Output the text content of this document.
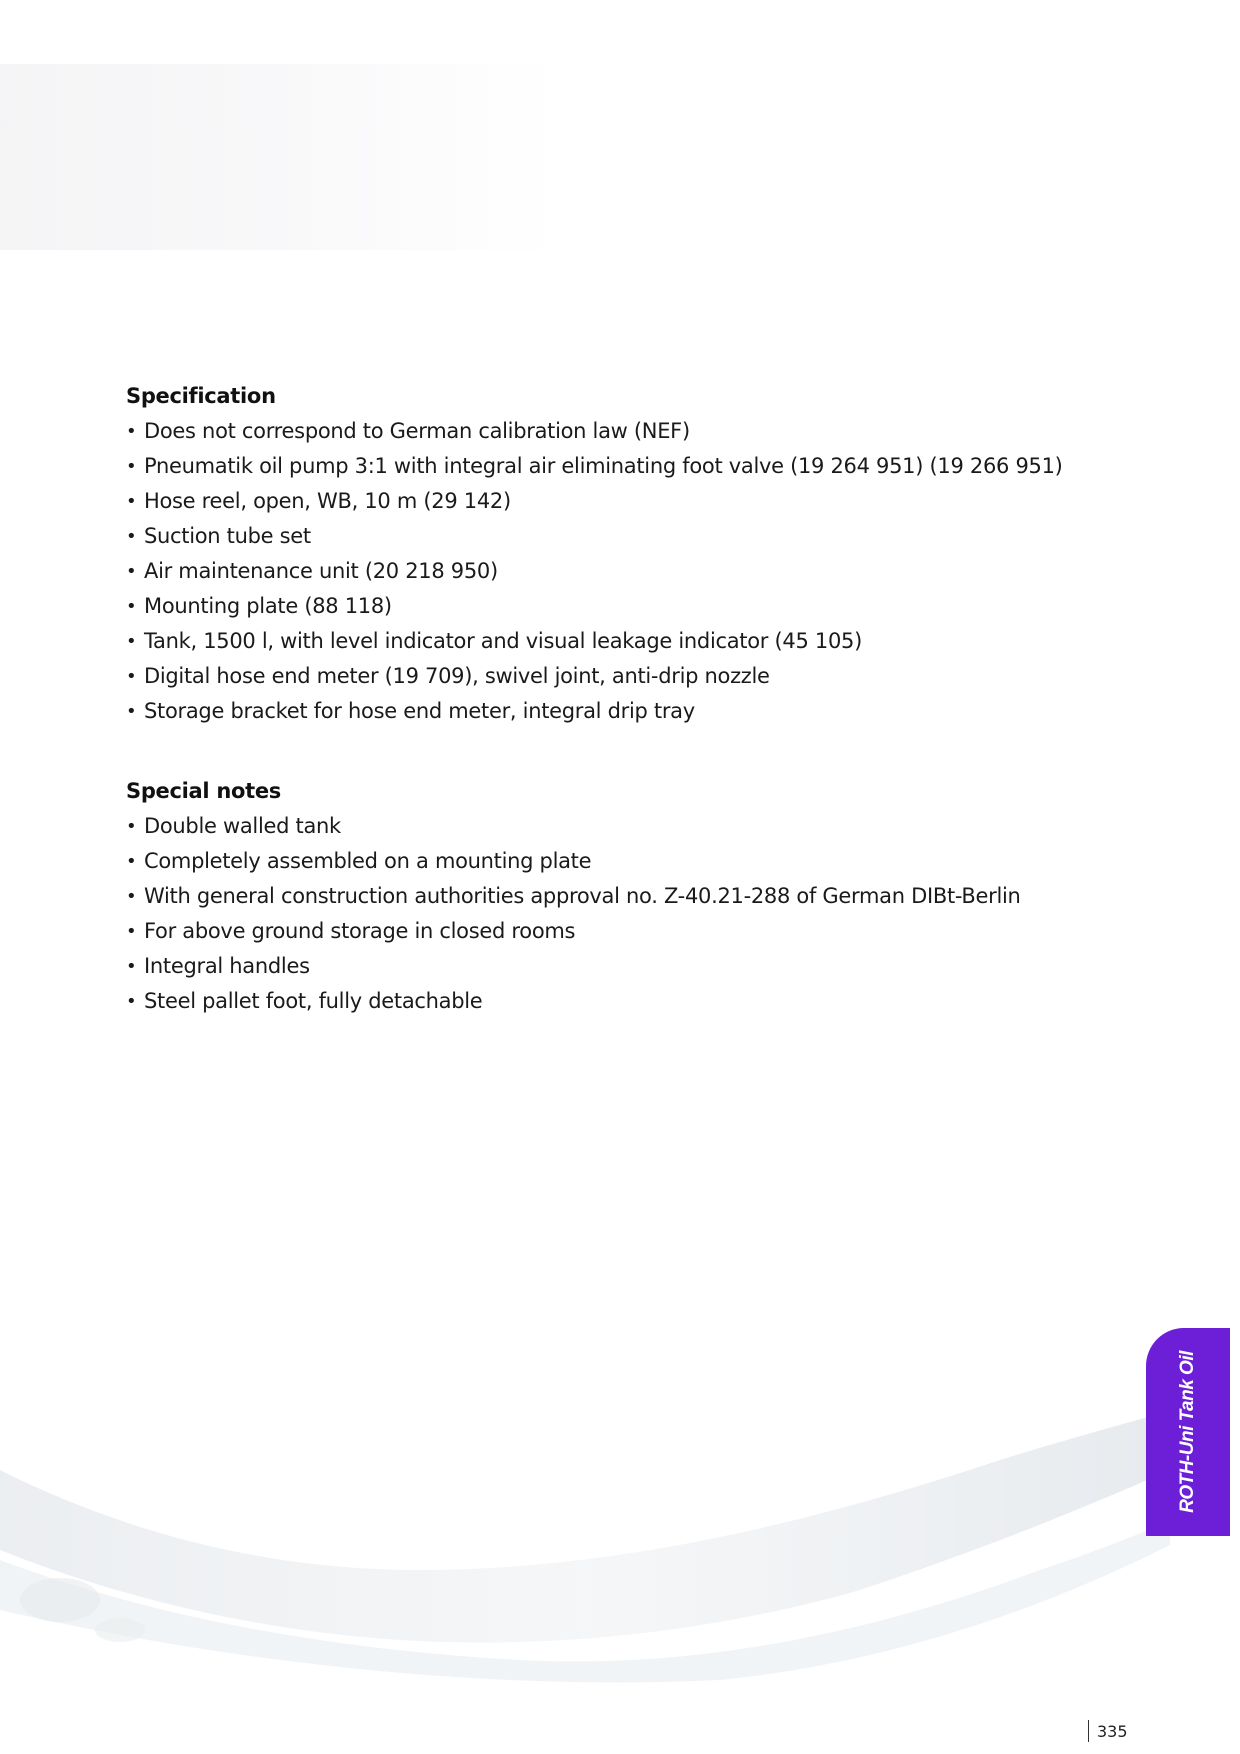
Specification
• Does not correspond to German calibration law (NEF)
• Pneumatik oil pump 3:1 with integral air eliminating foot valve (19 264 951) (19 266 951)
• Hose reel, open, WB, 10 m (29 142)
• Suction tube set
• Air maintenance unit (20 218 950)
• Mounting plate (88 118)
• Tank, 1500 l, with level indicator and visual leakage indicator (45 105)
• Digital hose end meter (19 709), swivel joint, anti-drip nozzle
• Storage bracket for hose end meter, integral drip tray
Special notes
• Double walled tank
• Completely assembled on a mounting plate
• With general construction authorities approval no. Z-40.21-288 of German DIBt-Berlin
• For above ground storage in closed rooms
• Integral handles
• Steel pallet foot, fully detachable
ROTH-Uni Tank Oil
335
